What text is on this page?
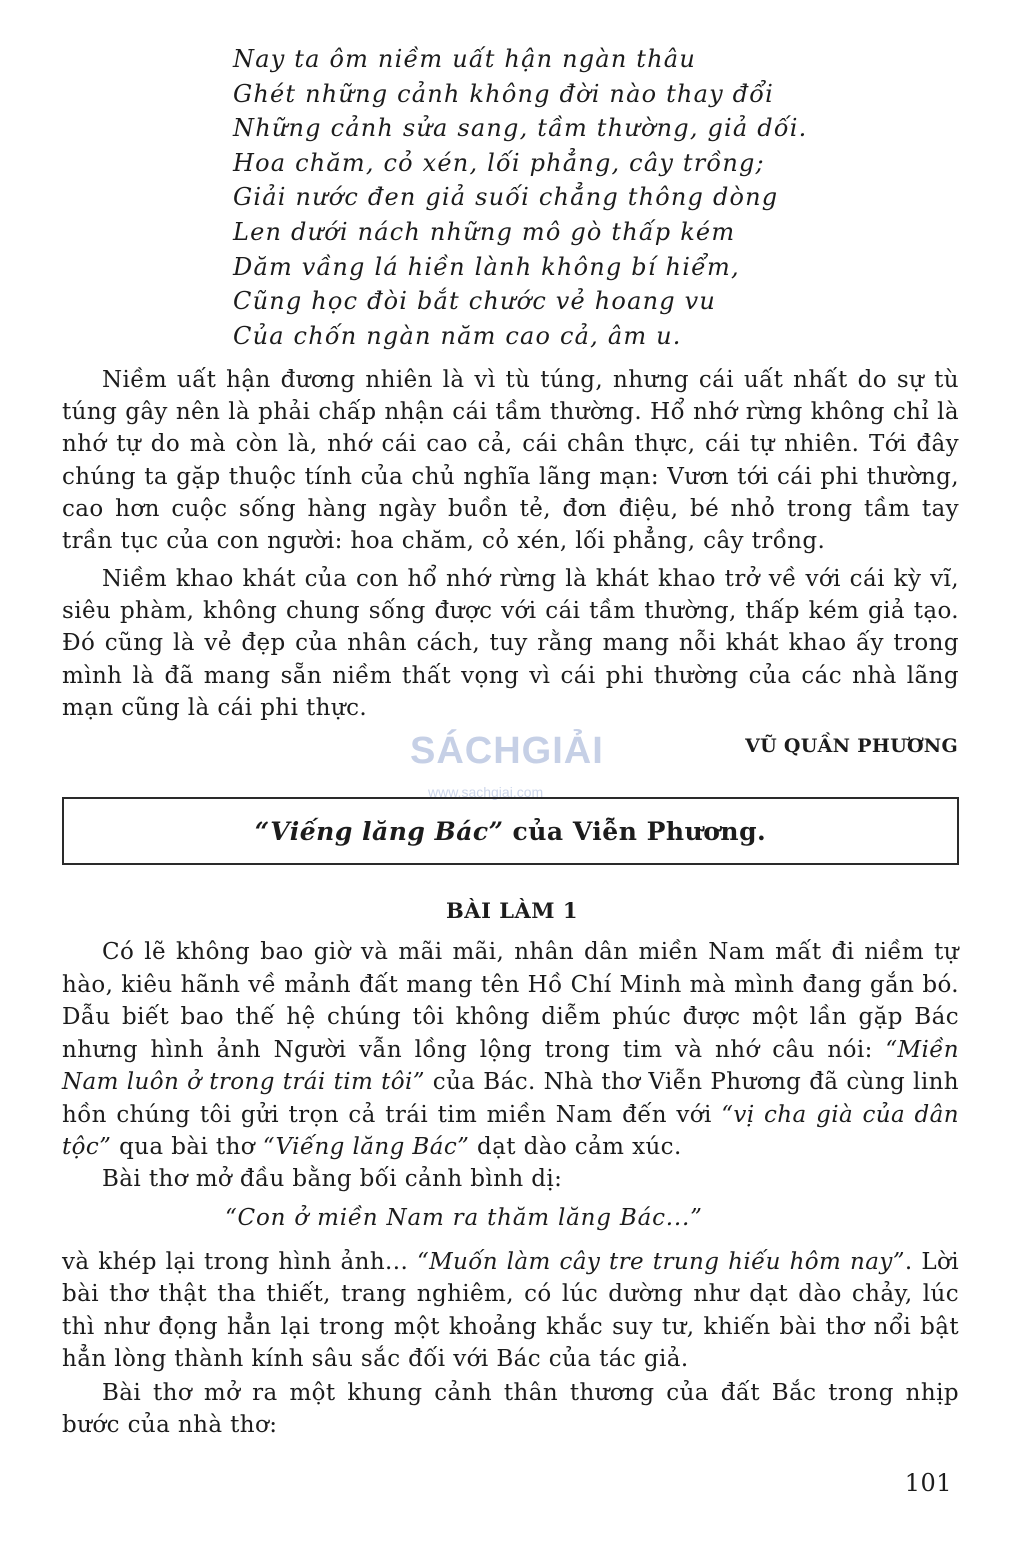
Nay ta ôm niềm uất hận ngàn thâu
Ghét những cảnh không đời nào thay đổi
Những cảnh sửa sang, tầm thường, giả dối.
Hoa chăm, cỏ xén, lối phẳng, cây trồng;
Giải nước đen giả suối chẳng thông dòng
Len dưới nách những mô gò thấp kém
Dăm vầng lá hiền lành không bí hiểm,
Cũng học đòi bắt chước vẻ hoang vu
Của chốn ngàn năm cao cả, âm u.

Niềm uất hận đương nhiên là vì tù túng, nhưng cái uất nhất do sự tù túng gây nên là phải chấp nhận cái tầm thường. Hổ nhớ rừng không chỉ là nhớ tự do mà còn là, nhớ cái cao cả, cái chân thực, cái tự nhiên. Tới đây chúng ta gặp thuộc tính của chủ nghĩa lãng mạn: Vươn tới cái phi thường, cao hơn cuộc sống hàng ngày buồn tẻ, đơn điệu, bé nhỏ trong tầm tay trần tục của con người: hoa chăm, cỏ xén, lối phẳng, cây trồng.

Niềm khao khát của con hổ nhớ rừng là khát khao trở về với cái kỳ vĩ, siêu phàm, không chung sống được với cái tầm thường, thấp kém giả tạo. Đó cũng là vẻ đẹp của nhân cách, tuy rằng mang nỗi khát khao ấy trong mình là đã mang sẵn niềm thất vọng vì cái phi thường của các nhà lãng mạn cũng là cái phi thực.

VŨ QUẦN PHƯƠNG
SÁCHGIẢI
www.sachgiai.com
“Viếng lăng Bác” của Viễn Phương.
BÀI LÀM 1

Có lẽ không bao giờ và mãi mãi, nhân dân miền Nam mất đi niềm tự hào, kiêu hãnh về mảnh đất mang tên Hồ Chí Minh mà mình đang gắn bó. Dẫu biết bao thế hệ chúng tôi không diễm phúc được một lần gặp Bác nhưng hình ảnh Người vẫn lồng lộng trong tim và nhớ câu nói: “Miền Nam luôn ở trong trái tim tôi” của Bác. Nhà thơ Viễn Phương đã cùng linh hồn chúng tôi gửi trọn cả trái tim miền Nam đến với “vị cha già của dân tộc” qua bài thơ “Viếng lăng Bác” dạt dào cảm xúc.

Bài thơ mở đầu bằng bối cảnh bình dị:

“Con ở miền Nam ra thăm lăng Bác...”

và khép lại trong hình ảnh... “Muốn làm cây tre trung hiếu hôm nay”. Lời bài thơ thật tha thiết, trang nghiêm, có lúc dường như dạt dào chảy, lúc thì như đọng hẳn lại trong một khoảng khắc suy tư, khiến bài thơ nổi bật hẳn lòng thành kính sâu sắc đối với Bác của tác giả.

Bài thơ mở ra một khung cảnh thân thương của đất Bắc trong nhịp bước của nhà thơ:

101
